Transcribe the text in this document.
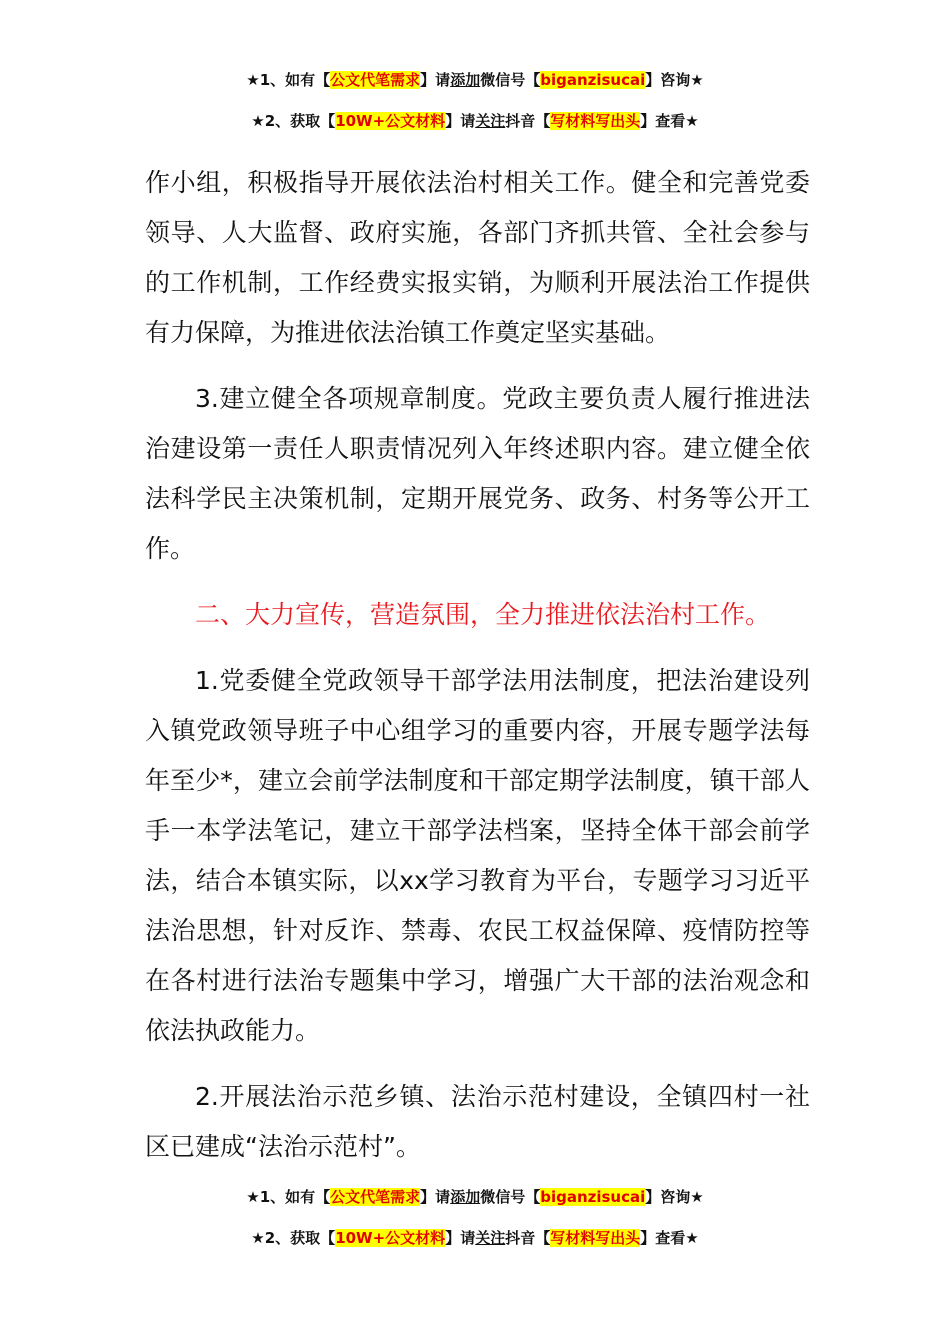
★1、如有【公文代笔需求】请添加微信号【biganzisucai】咨询★
★2、获取【10W+公文材料】请关注抖音【写材料写出头】查看★

作小组，积极指导开展依法治村相关工作。健全和完善党委领导、人大监督、政府实施，各部门齐抓共管、全社会参与的工作机制，工作经费实报实销，为顺利开展法治工作提供有力保障，为推进依法治镇工作奠定坚实基础。

3.建立健全各项规章制度。党政主要负责人履行推进法治建设第一责任人职责情况列入年终述职内容。建立健全依法科学民主决策机制，定期开展党务、政务、村务等公开工作。

二、大力宣传，营造氛围，全力推进依法治村工作。

1.党委健全党政领导干部学法用法制度，把法治建设列入镇党政领导班子中心组学习的重要内容，开展专题学法每年至少*，建立会前学法制度和干部定期学法制度，镇干部人手一本学法笔记，建立干部学法档案，坚持全体干部会前学法，结合本镇实际，以xx学习教育为平台，专题学习习近平法治思想，针对反诈、禁毒、农民工权益保障、疫情防控等在各村进行法治专题集中学习，增强广大干部的法治观念和依法执政能力。

2.开展法治示范乡镇、法治示范村建设，全镇四村一社区已建成“法治示范村”。

★1、如有【公文代笔需求】请添加微信号【biganzisucai】咨询★
★2、获取【10W+公文材料】请关注抖音【写材料写出头】查看★
